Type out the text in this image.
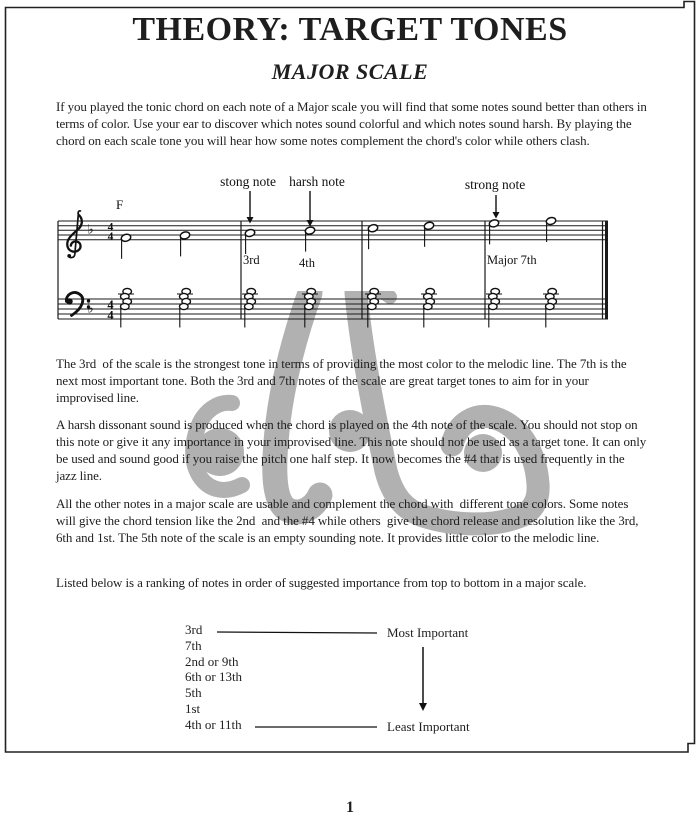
THEORY: TARGET TONES
MAJOR SCALE
If you played the tonic chord on each note of a Major scale you will find that some notes sound better than others in terms of color. Use your ear to discover which notes sound colorful and which notes sound harsh. By playing the chord on each scale tone you will hear how some notes complement the chord's color while others clash.
The 3rd  of the scale is the strongest tone in terms of providing the most color to the melodic line. The 7th is the next most important tone. Both the 3rd and 7th notes of the scale are great target tones to aim for in your improvised line.
A harsh dissonant sound is produced when the chord is played on the 4th note of the scale. You should not stop on this note or give it any importance in your improvised line. This note should not be used as a target tone. It can only be used and sound good if you raise the pitch one half step. It now becomes the #4 that is used frequently in the jazz line.
All the other notes in a major scale are usable and complement the chord with  different tone colors. Some notes  will give the chord tension like the 2nd  and the #4 while others  give the chord release and resolution like the 3rd, 6th and 1st. The 5th note of the scale is an empty sounding note. It provides little color to the melodic line.
Listed below is a ranking of notes in order of suggested importance from top to bottom in a major scale.
♭
♭
4
4
4
4
F
3rd	4th	Major 7th
stong note harsh note	strong note
3rd
7th
2nd or 9th
6th or 13th
5th
1st
4th or 11th
Most Important
Least Important
1
